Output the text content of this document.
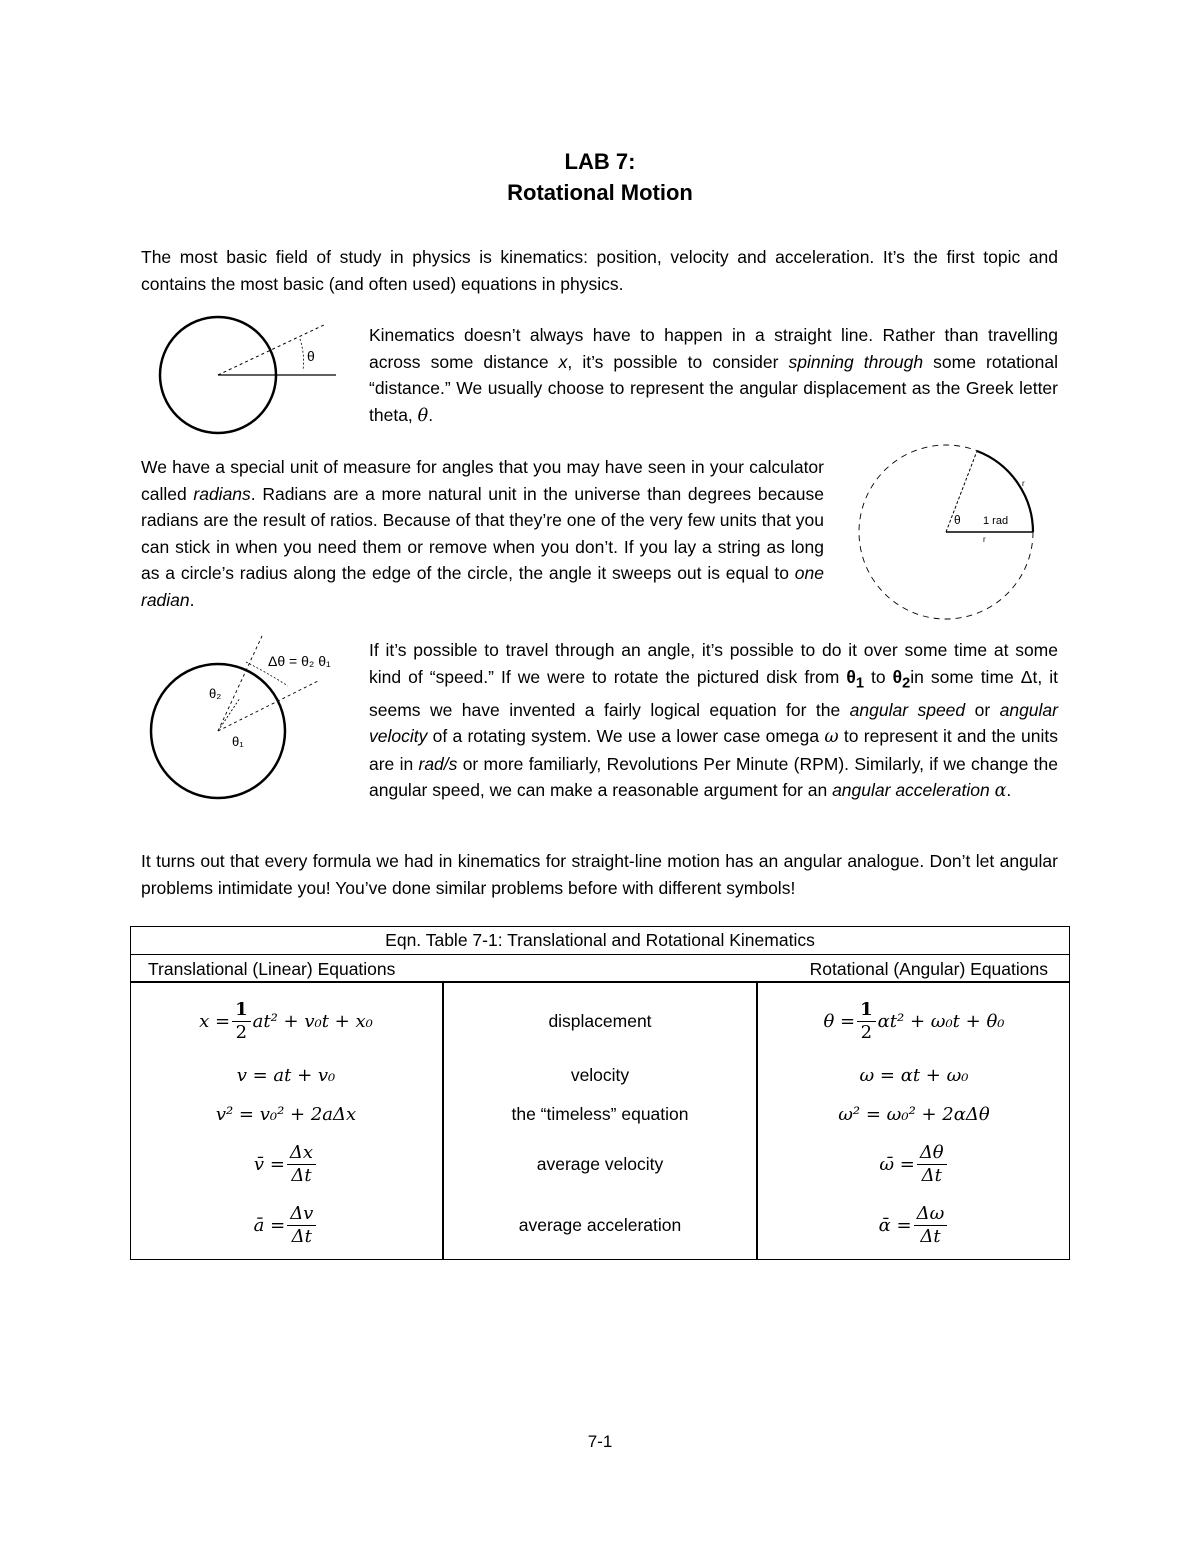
LAB 7:
Rotational Motion
The most basic field of study in physics is kinematics: position, velocity and acceleration. It’s the first topic and contains the most basic (and often used) equations in physics.
θ
Kinematics doesn’t always have to happen in a straight line. Rather than travelling across some distance x, it’s possible to consider spinning through some rotational “distance.” We usually choose to represent the angular displacement as the Greek letter theta, θ.
We have a special unit of measure for angles that you may have seen in your calculator called radians. Radians are a more natural unit in the universe than degrees because radians are the result of ratios. Because of that they’re one of the very few units that you can stick in when you need them or remove when you don’t. If you lay a string as long as a circle’s radius along the edge of the circle, the angle it sweeps out is equal to one radian.
θ 1 rad
r
r
Δθ = θ₂ θ₁
θ₂
θ₁
If it’s possible to travel through an angle, it’s possible to do it over some time at some kind of “speed.” If we were to rotate the pictured disk from $\theta_1$ to $\theta_2in$ some time Δt, it seems we have invented a fairly logical equation for the angular speed or angular velocity of a rotating system. We use a lower case omega ω to represent it and the units are in rad/s or more familiarly, Revolutions Per Minute (RPM). Similarly, if we change the angular speed, we can make a reasonable argument for an angular acceleration α.
It turns out that every formula we had in kinematics for straight-line motion has an angular analogue. Don’t let angular problems intimidate you! You’ve done similar problems before with different symbols!
Eqn. Table 7-1: Translational and Rotational Kinematics
Translational (Linear) Equations	Rotational (Angular) Equations
$x = \frac{1}{2} at^2 + v_0t + x_0$
v = at + v₀
v² = v₀² + 2aΔx
v̄ = $\frac{\Delta x}{\Delta t}$
ā = $\frac{\Delta v}{\Delta t}$
displacement
velocity
the “timeless” equation
average velocity
average acceleration
$\theta = \frac{1}{2} \alpha t^2 + \omega_0t + \theta_0$
ω = αt + ω₀
ω² = ω₀² + 2αΔθ
ω̄ = $\frac{\Delta\theta}{\Delta t}$
ᾱ = $\frac{\Delta\omega}{\Delta t}$
7-1
